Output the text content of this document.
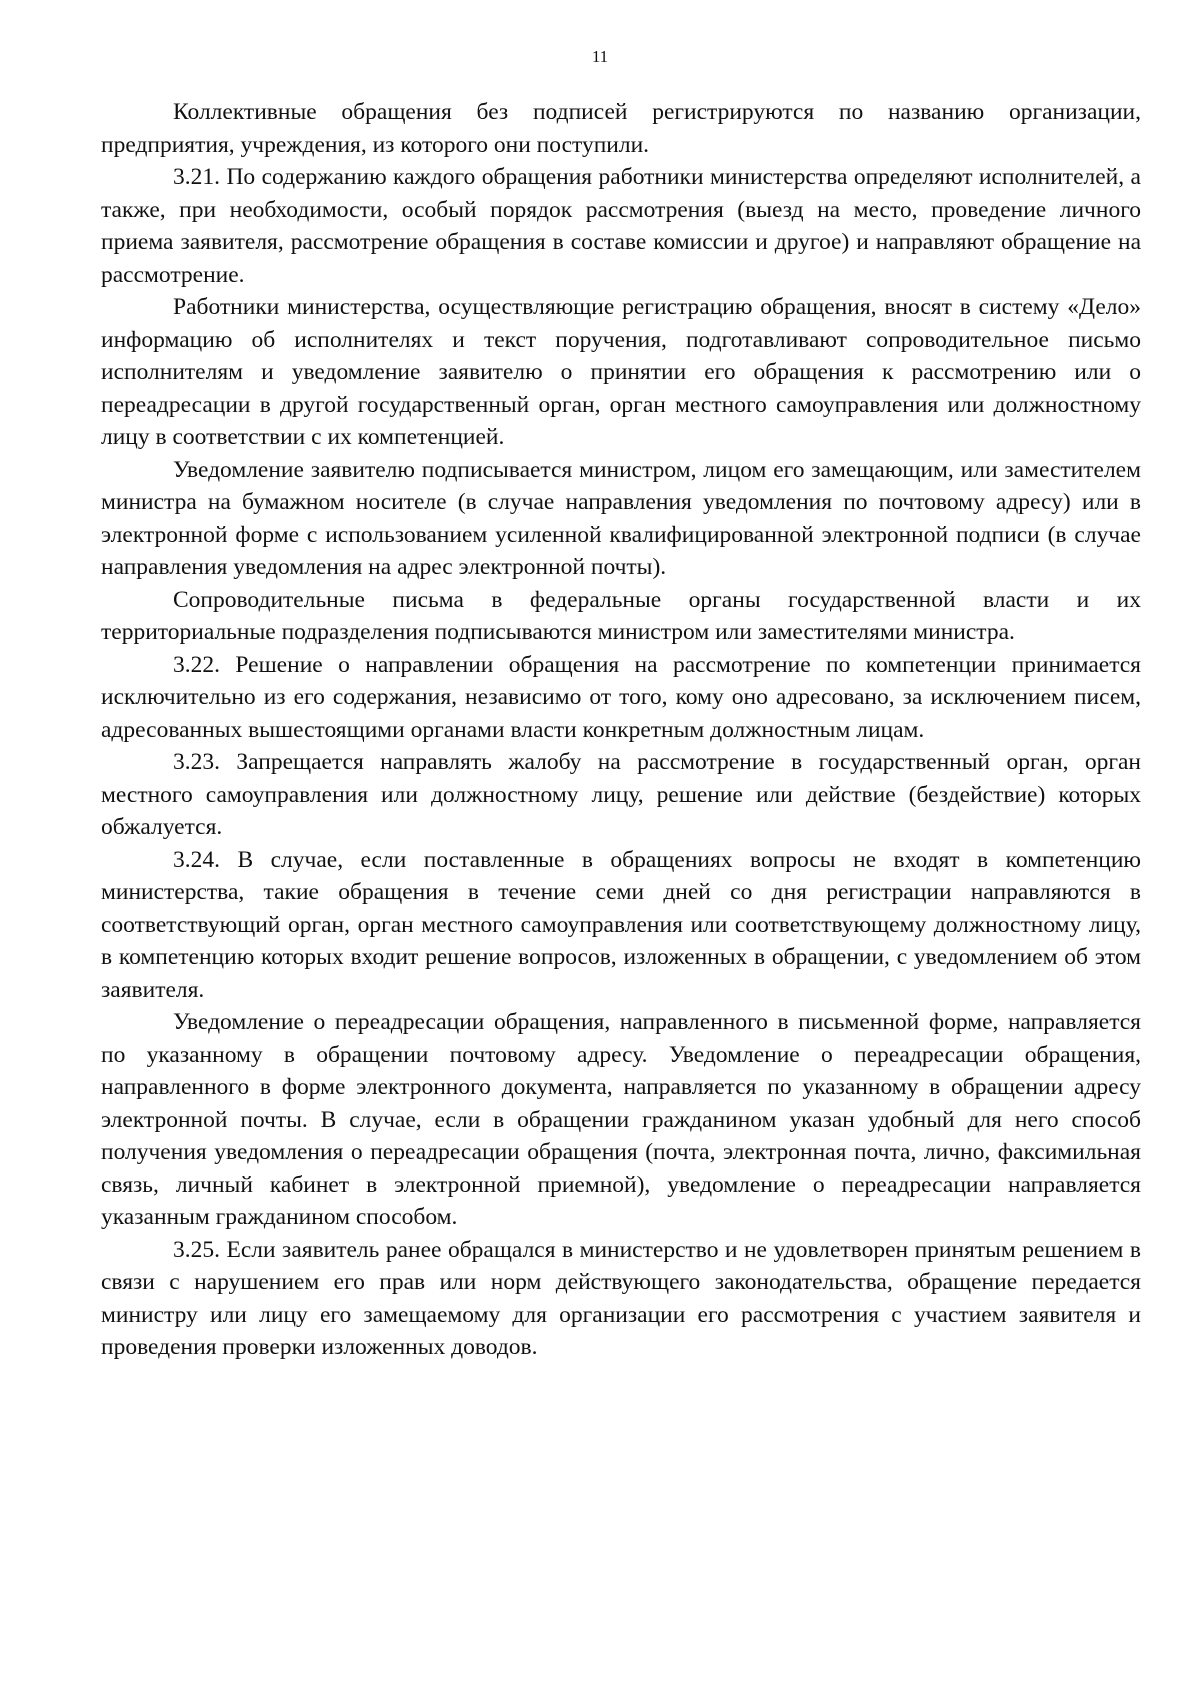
11

Коллективные обращения без подписей регистрируются по названию организации, предприятия, учреждения, из которого они поступили.

3.21. По содержанию каждого обращения работники министерства определяют исполнителей, а также, при необходимости, особый порядок рассмотрения (выезд на место, проведение личного приема заявителя, рассмотрение обращения в составе комиссии и другое) и направляют обращение на рассмотрение.

Работники министерства, осуществляющие регистрацию обращения, вносят в систему «Дело» информацию об исполнителях и текст поручения, подготавливают сопроводительное письмо исполнителям и уведомление заявителю о принятии его обращения к рассмотрению или о переадресации в другой государственный орган, орган местного самоуправления или должностному лицу в соответствии с их компетенцией.

Уведомление заявителю подписывается министром, лицом его замещающим, или заместителем министра на бумажном носителе (в случае направления уведомления по почтовому адресу) или в электронной форме с использованием усиленной квалифицированной электронной подписи (в случае направления уведомления на адрес электронной почты).

Сопроводительные письма в федеральные органы государственной власти и их территориальные подразделения подписываются министром или заместителями министра.

3.22. Решение о направлении обращения на рассмотрение по компетенции принимается исключительно из его содержания, независимо от того, кому оно адресовано, за исключением писем, адресованных вышестоящими органами власти конкретным должностным лицам.

3.23. Запрещается направлять жалобу на рассмотрение в государственный орган, орган местного самоуправления или должностному лицу, решение или действие (бездействие) которых обжалуется.

3.24. В случае, если поставленные в обращениях вопросы не входят в компетенцию министерства, такие обращения в течение семи дней со дня регистрации направляются в соответствующий орган, орган местного самоуправления или соответствующему должностному лицу, в компетенцию которых входит решение вопросов, изложенных в обращении, с уведомлением об этом заявителя.

Уведомление о переадресации обращения, направленного в письменной форме, направляется по указанному в обращении почтовому адресу. Уведомление о переадресации обращения, направленного в форме электронного документа, направляется по указанному в обращении адресу электронной почты. В случае, если в обращении гражданином указан удобный для него способ получения уведомления о переадресации обращения (почта, электронная почта, лично, факсимильная связь, личный кабинет в электронной приемной), уведомление о переадресации направляется указанным гражданином способом.

3.25. Если заявитель ранее обращался в министерство и не удовлетворен принятым решением в связи с нарушением его прав или норм действующего законодательства, обращение передается министру или лицу его замещаемому для организации его рассмотрения с участием заявителя и проведения проверки изложенных доводов.
